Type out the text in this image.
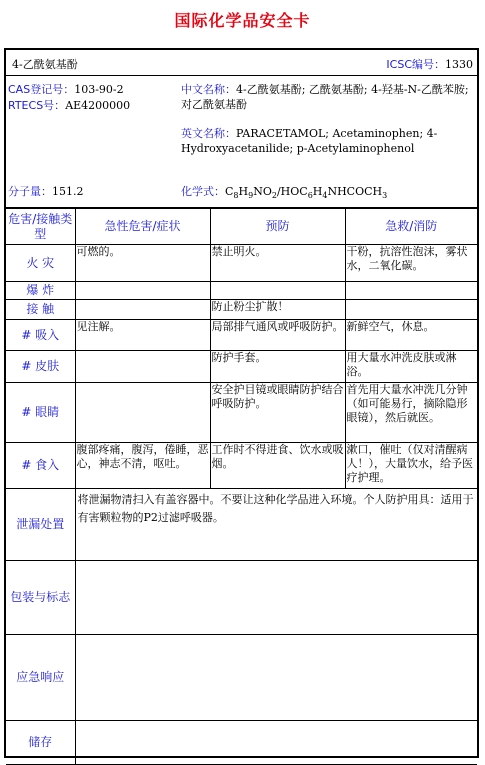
国际化学品安全卡
4-乙酰氨基酚	ICSC编号：1330
CAS登记号：103-90-2
RTECS号：AE4200000
中文名称：4-乙酰氨基酚; 乙酰氨基酚; 4-羟基-N-乙酰苯胺; 对乙酰氨基酚
英文名称：PARACETAMOL; Acetaminophen; 4-Hydroxyacetanilide; p-Acetylaminophenol
分子量：151.2	化学式：$C_8H_9NO_2/HOC_6H_4NHCOCH_3$
危害/接触类型	急性危害/症状	预防	急救/消防
火 灾	可燃的。	禁止明火。	干粉，抗溶性泡沫，雾状水，二氧化碳。
爆 炸			
接 触		防止粉尘扩散！	
# 吸入	见注解。	局部排气通风或呼吸防护。	新鲜空气，休息。
# 皮肤		防护手套。	用大量水冲洗皮肤或淋浴。
# 眼睛		安全护目镜或眼睛防护结合呼吸防护。	首先用大量水冲洗几分钟（如可能易行，摘除隐形眼镜），然后就医。
# 食入	腹部疼痛，腹泻，倦睡，恶心，神志不清，呕吐。	工作时不得进食、饮水或吸烟。	漱口，催吐（仅对清醒病人！），大量饮水，给予医疗护理。
泄漏处置	将泄漏物清扫入有盖容器中。不要让这种化学品进入环境。个人防护用具：适用于有害颗粒物的P2过滤呼吸器。		
包装与标志			
应急响应			
储存			
